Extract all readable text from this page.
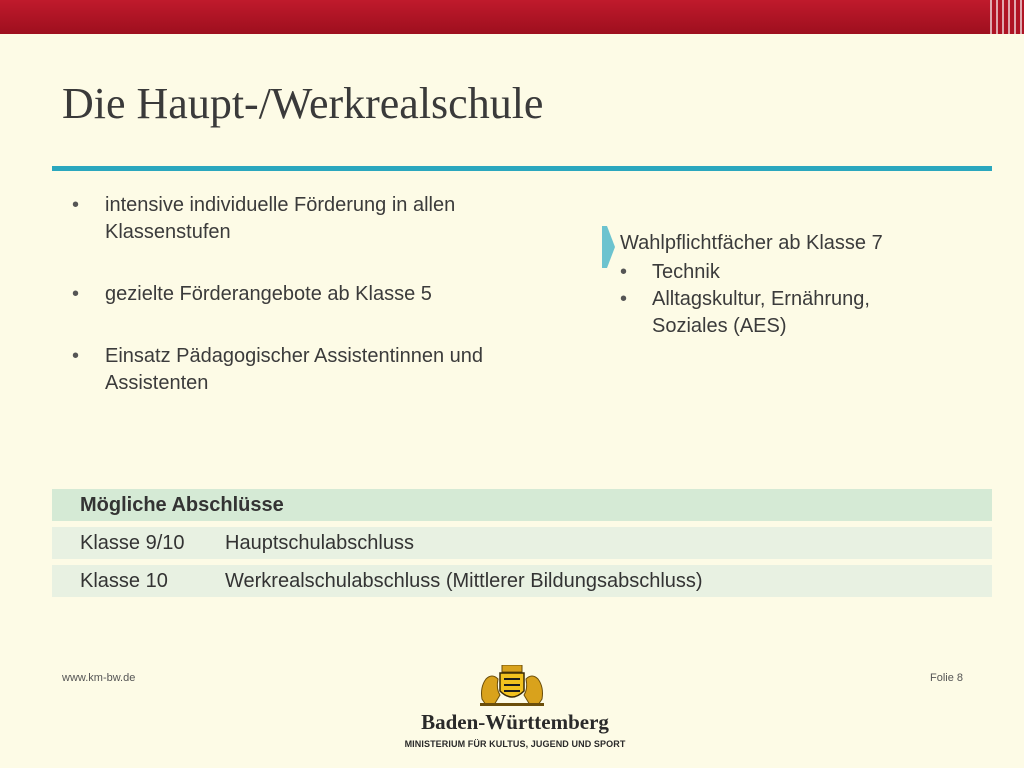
Die Haupt-/Werkrealschule
• intensive individuelle Förderung in allen Klassenstufen
• gezielte Förderangebote ab Klasse 5
• Einsatz Pädagogischer Assistentinnen und Assistenten
Wahlpflichtfächer ab Klasse 7
• Technik
• Alltagskultur, Ernährung, Soziales (AES)
Mögliche Abschlüsse
Klasse 9/10 Hauptschulabschluss
Klasse 10	Werkrealschulabschluss (Mittlerer Bildungsabschluss)
www.km-bw.de	Folie 8
Baden-Württemberg
MINISTERIUM FÜR KULTUS, JUGEND UND SPORT
